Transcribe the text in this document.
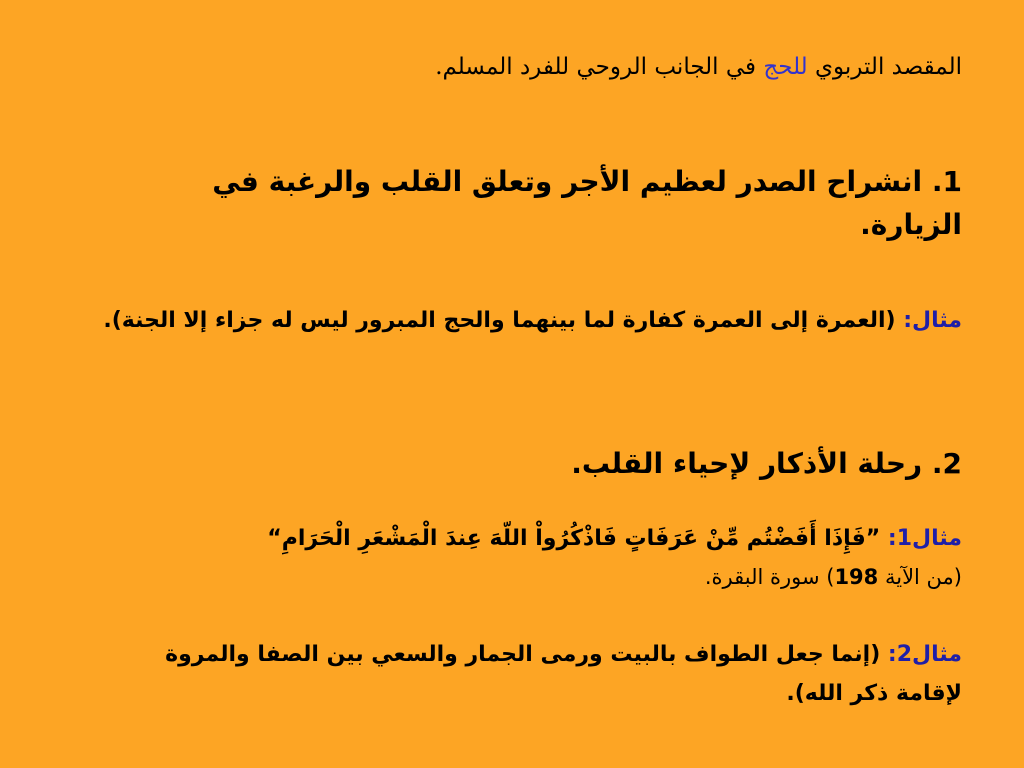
المقصد التربوي للحج في الجانب الروحي للفرد المسلم.
1. انشراح الصدر لعظيم الأجر وتعلق القلب والرغبة في الزيارة.
مثال: (العمرة إلى العمرة كفارة لما بينهما والحج المبرور ليس له جزاء إلا الجنة).
2. رحلة الأذكار لإحياء القلب.
مثال1: ”فَإِذَا أَفَضْتُم مِّنْ عَرَفَاتٍ فَاذْكُرُواْ اللّهَ عِندَ الْمَشْعَرِ الْحَرَامِ“
(من الآية 198) سورة البقرة.
مثال2: (إنما جعل الطواف بالبيت ورمى الجمار والسعي بين الصفا والمروة لإقامة ذكر الله).
